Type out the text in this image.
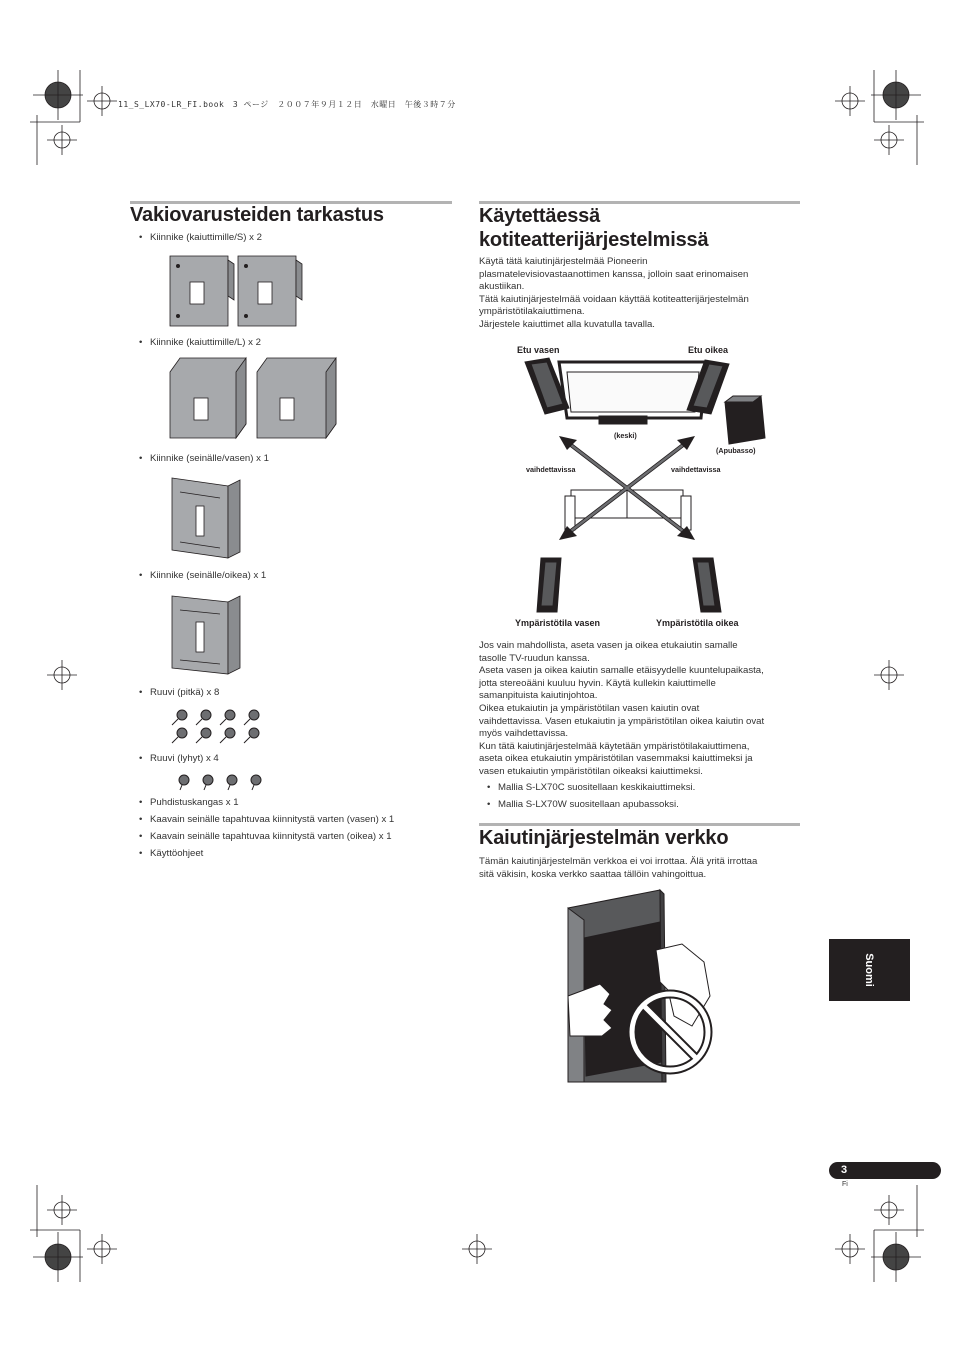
11_S_LX70-LR_FI.book　3 ページ　２００７年９月１２日　水曜日　午後３時７分
Vakiovarusteiden tarkastus
• Kiinnike (kaiuttimille/S) x 2
• Kiinnike (kaiuttimille/L) x 2
• Kiinnike (seinälle/vasen) x 1
• Kiinnike (seinälle/oikea) x 1
• Ruuvi (pitkä) x 8
• Ruuvi (lyhyt) x 4
• Puhdistuskangas x 1
• Kaavain seinälle tapahtuvaa kiinnitystä varten (vasen) x 1
• Kaavain seinälle tapahtuvaa kiinnitystä varten (oikea) x 1
• Käyttöohjeet
Käytettäessä
kotiteatterijärjestelmissä
Käytä tätä kaiutinjärjestelmää Pioneerin
plasmatelevisiovastaanottimen kanssa, jolloin saat erinomaisen
akustiikan.
Tätä kaiutinjärjestelmää voidaan käyttää kotiteatterijärjestelmän
ympäristötilakaiuttimena.
Järjestele kaiuttimet alla kuvatulla tavalla.
Etu vasen	Etu oikea
(keski)
(Apubasso)
vaihdettavissa	vaihdettavissa
Ympäristötila vasen	Ympäristötila oikea
Jos vain mahdollista, aseta vasen ja oikea etukaiutin samalle
tasolle TV-ruudun kanssa.
Aseta vasen ja oikea kaiutin samalle etäisyydelle kuuntelupaikasta,
jotta stereoääni kuuluu hyvin. Käytä kullekin kaiuttimelle
samanpituista kaiutinjohtoa.
Oikea etukaiutin ja ympäristötilan vasen kaiutin ovat
vaihdettavissa. Vasen etukaiutin ja ympäristötilan oikea kaiutin ovat
myös vaihdettavissa.
Kun tätä kaiutinjärjestelmää käytetään ympäristötilakaiuttimena,
aseta oikea etukaiutin ympäristötilan vasemmaksi kaiuttimeksi ja
vasen etukaiutin ympäristötilan oikeaksi kaiuttimeksi.
• Mallia S-LX70C suositellaan keskikaiuttimeksi.
• Mallia S-LX70W suositellaan apubassoksi.
Kaiutinjärjestelmän verkko
Tämän kaiutinjärjestelmän verkkoa ei voi irrottaa. Älä yritä irrottaa
sitä väkisin, koska verkko saattaa tällöin vahingoittua.
Suomi
3
Fi
